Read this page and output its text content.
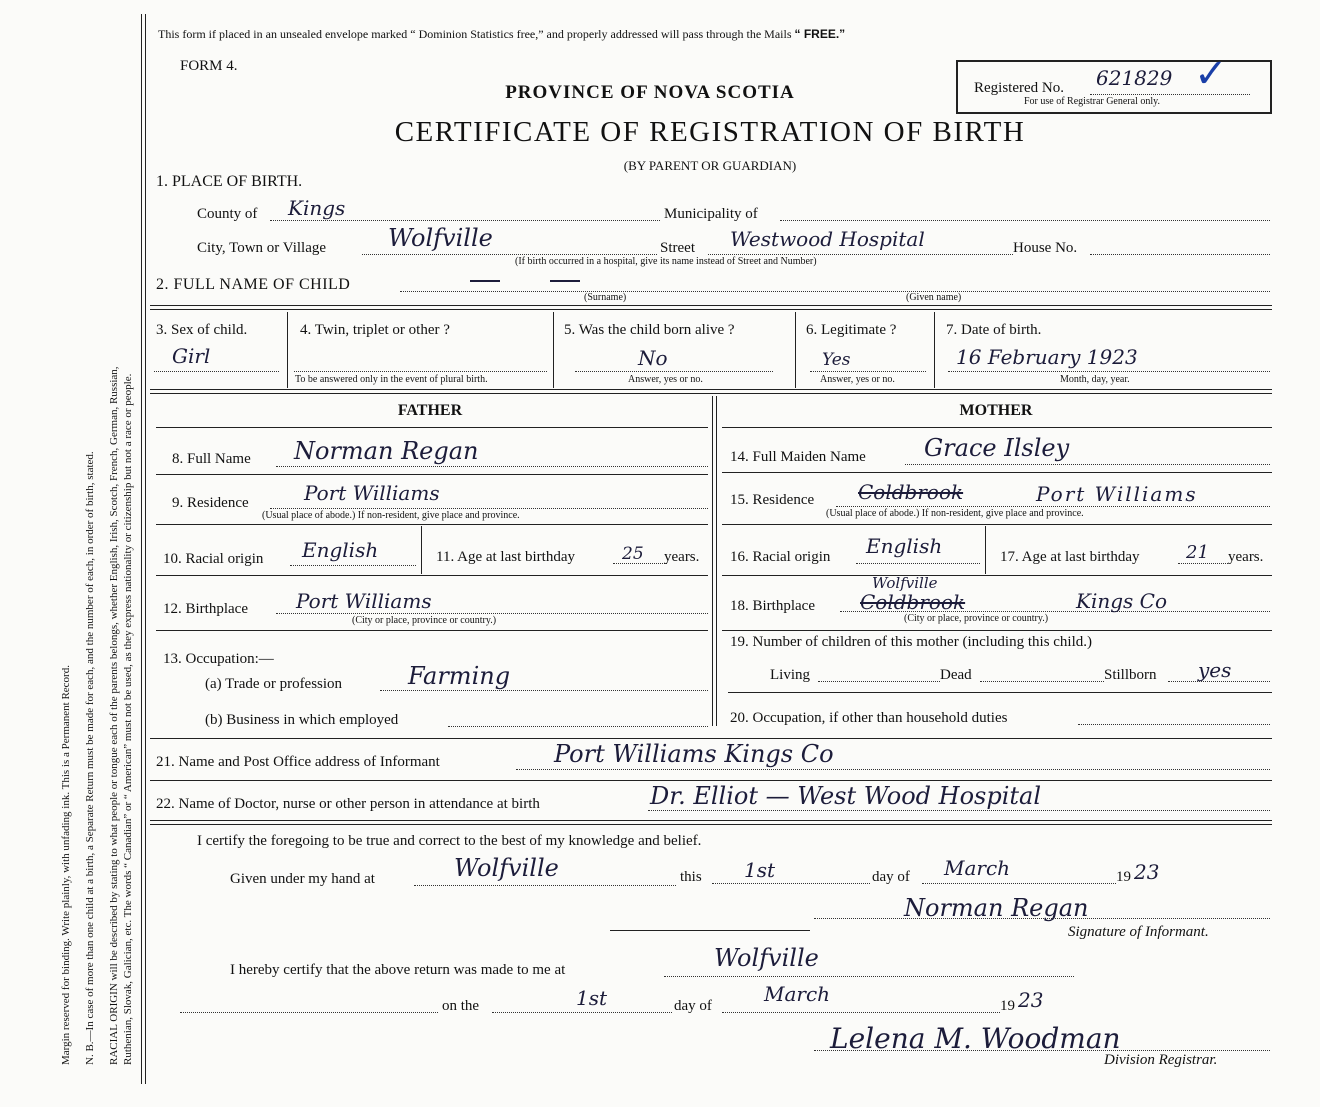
Margin reserved for binding. Write plainly, with unfading ink. This is a Permanent Record. N. B.—In case of more than one child at a birth, a Separate Return must be made for each, and the number of each, in order of birth, stated. RACIAL ORIGIN will be described by stating to what people or tongue each of the parents belongs, whether English, Irish, Scotch, French, German, Russian, Ruthenian, Slovak, Galician, etc. The words “ Canadian” or “ American” must not be used, as they express nationality or citizenship but not a race or people.
This form if placed in an unsealed envelope marked “ Dominion Statistics free,” and properly addressed will pass through the Mails “ FREE.”
FORM 4.
Registered No. 621829 ✓
For use of Registrar General only.
PROVINCE OF NOVA SCOTIA
CERTIFICATE OF REGISTRATION OF BIRTH
(BY PARENT OR GUARDIAN)
1. PLACE OF BIRTH.
County of Kings	Municipality of
City, Town or Village	Wolfville	Street Westwood Hospital	House No.
(If birth occurred in a hospital, give its name instead of Street and Number)
2. FULL NAME OF CHILD
(Surname)	(Given name)
3. Sex of child.
Girl
4. Twin, triplet or other ?
To be answered only in the event of plural birth.
5. Was the child born alive ?
No
Answer, yes or no.
6. Legitimate ?
Yes
Answer, yes or no.
7. Date of birth.
16 February 1923
Month, day, year.
FATHER
8. Full Name Norman Regan
9. Residence	Port Williams
(Usual place of abode.) If non-resident, give place and province.
10. Racial origin English	11. Age at last birthday	25 years.
12. Birthplace Port Williams
(City or place, province or country.)
13. Occupation:—
(a) Trade or profession	Farming
(b) Business in which employed
MOTHER
14. Full Maiden Name Grace Ilsley
15. Residence Coldbrook	Port Williams
(Usual place of abode.) If non-resident, give place and province.
16. Racial origin English	17. Age at last birthday	21 years.
18. Birthplace
Wolfville
Coldbrook	Kings Co
(City or place, province or country.)
19. Number of children of this mother (including this child.)
Living	Dead	Stillborn yes
20. Occupation, if other than household duties
21. Name and Post Office address of Informant	Port Williams Kings Co
22. Name of Doctor, nurse or other person in attendance at birth	Dr. Elliot — West Wood Hospital
I certify the foregoing to be true and correct to the best of my knowledge and belief.
Given under my hand at	Wolfville	this 1st	day of March	19 23
Norman Regan
Signature of Informant.
I hereby certify that the above return was made to me at	Wolfville
on the	1st	day of	March	19 23
Lelena M. Woodman
Division Registrar.
